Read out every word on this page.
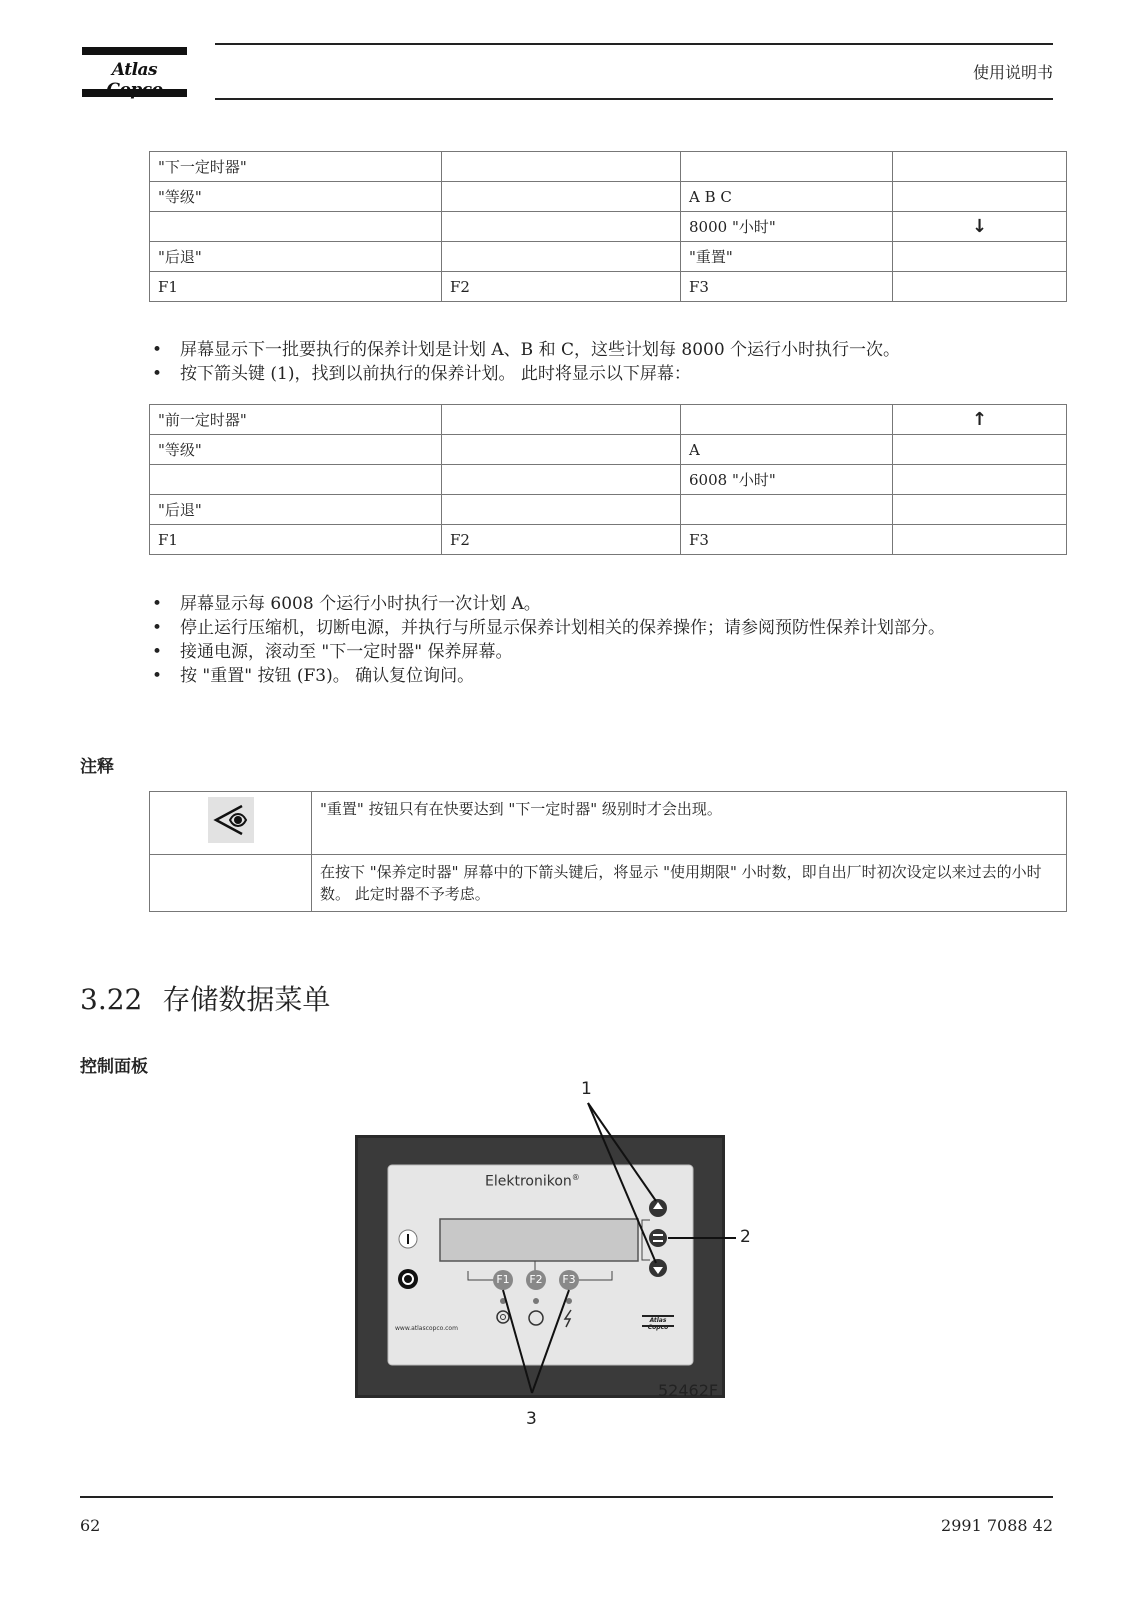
Atlas	使用说明书
"下一定时器"			
"等级"		A B C	
		8000 "小时"	↓
"后退"		"重置"	
F1	F2	F3	
• 屏幕显示下一批要执行的保养计划是计划 A、B 和 C，这些计划每 8000 个运行小时执行一次。
• 按下箭头键 (1)，找到以前执行的保养计划。 此时将显示以下屏幕：
"前一定时器"			↑
"等级"		A	
		6008 "小时"	
"后退"			
F1	F2	F3	
• 屏幕显示每 6008 个运行小时执行一次计划 A。
• 停止运行压缩机，切断电源，并执行与所显示保养计划相关的保养操作；请参阅预防性保养计划部分。
• 接通电源，滚动至 "下一定时器" 保养屏幕。
• 按 "重置" 按钮 (F3)。 确认复位询问。
注释
	"重置" 按钮只有在快要达到 "下一定时器" 级别时才会出现。
	在按下 "保养定时器" 屏幕中的下箭头键后，将显示 "使用期限" 小时数，即自出厂时初次设定以来过去的小时数。 此定时器不予考虑。
3.22 存储数据菜单
控制面板
Elektronikon®
F1 F2 F3
www.atlascopco.com
Atlas Copco
1
2
3
52462F
62	2991 7088 42
